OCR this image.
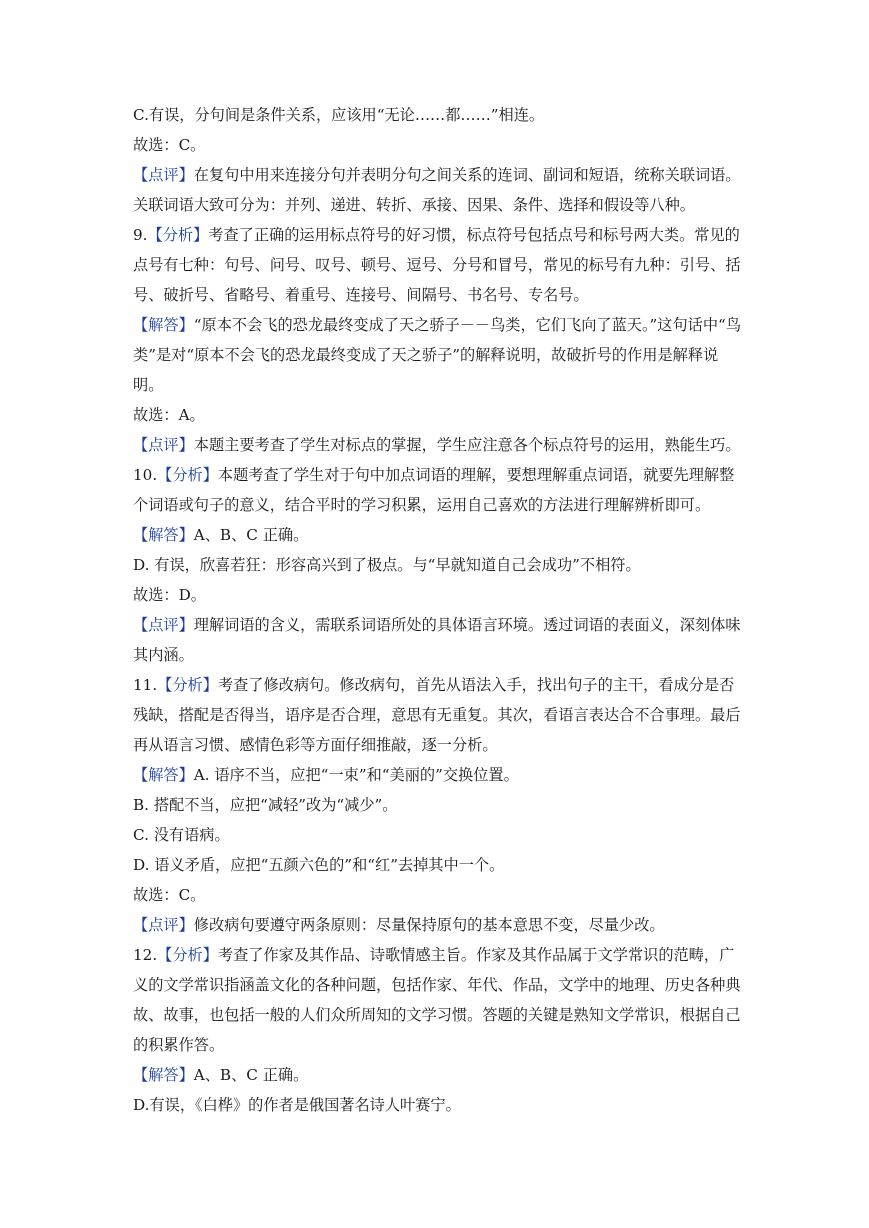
C.有误，分句间是条件关系，应该用“无论……都……”相连。
故选：C。
【点评】在复句中用来连接分句并表明分句之间关系的连词、副词和短语，统称关联词语。
关联词语大致可分为：并列、递进、转折、承接、因果、条件、选择和假设等八种。
9.【分析】考查了正确的运用标点符号的好习惯，标点符号包括点号和标号两大类。常见的
点号有七种：句号、问号、叹号、顿号、逗号、分号和冒号，常见的标号有九种：引号、括
号、破折号、省略号、着重号、连接号、间隔号、书名号、专名号。
【解答】“原本不会飞的恐龙最终变成了天之骄子－－鸟类，它们飞向了蓝天。”这句话中“鸟
类”是对“原本不会飞的恐龙最终变成了天之骄子”的解释说明，故破折号的作用是解释说
明。
故选：A。
【点评】本题主要考查了学生对标点的掌握，学生应注意各个标点符号的运用，熟能生巧。
10.【分析】本题考查了学生对于句中加点词语的理解，要想理解重点词语，就要先理解整
个词语或句子的意义，结合平时的学习积累，运用自己喜欢的方法进行理解辨析即可。
【解答】A、B、C 正确。
D. 有误，欣喜若狂：形容高兴到了极点。与“早就知道自己会成功”不相符。
故选：D。
【点评】理解词语的含义，需联系词语所处的具体语言环境。透过词语的表面义，深刻体味
其内涵。
11.【分析】考查了修改病句。修改病句，首先从语法入手，找出句子的主干，看成分是否
残缺，搭配是否得当，语序是否合理，意思有无重复。其次，看语言表达合不合事理。最后
再从语言习惯、感情色彩等方面仔细推敲，逐一分析。
【解答】A. 语序不当，应把“一束”和“美丽的”交换位置。
B. 搭配不当，应把“减轻”改为“减少”。
C. 没有语病。
D. 语义矛盾，应把“五颜六色的”和“红”去掉其中一个。
故选：C。
【点评】修改病句要遵守两条原则：尽量保持原句的基本意思不变，尽量少改。
12.【分析】考查了作家及其作品、诗歌情感主旨。作家及其作品属于文学常识的范畴，广
义的文学常识指涵盖文化的各种问题，包括作家、年代、作品，文学中的地理、历史各种典
故、故事，也包括一般的人们众所周知的文学习惯。答题的关键是熟知文学常识，根据自己
的积累作答。
【解答】A、B、C 正确。
D.有误，《白桦》的作者是俄国著名诗人叶赛宁。
